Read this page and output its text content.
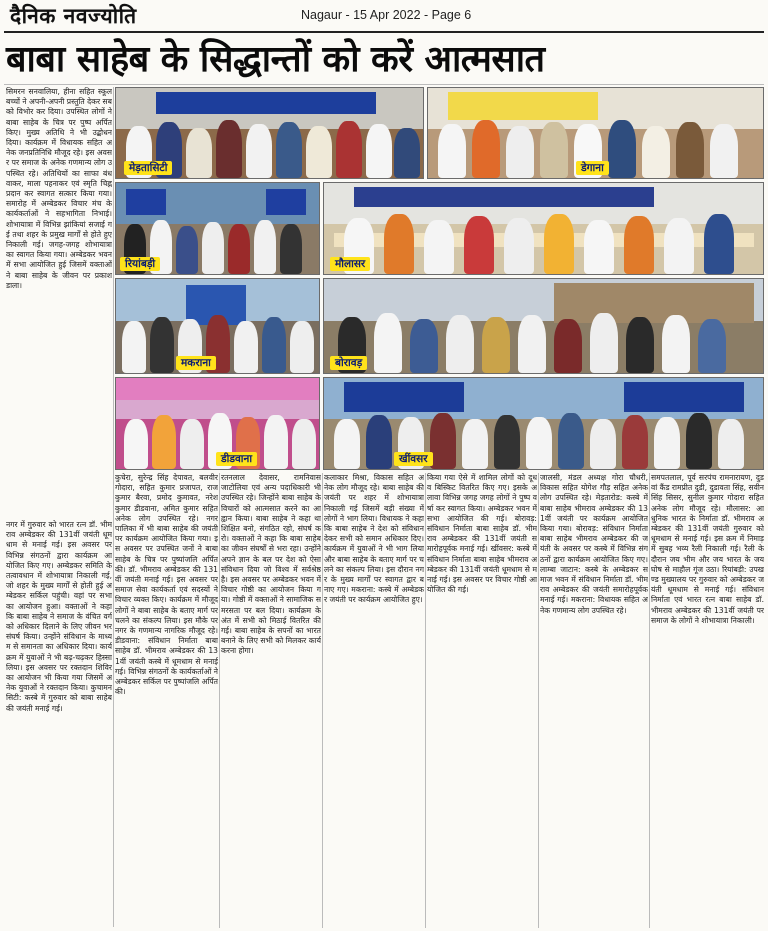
दैनिक नवज्योति	Nagaur - 15 Apr 2022 - Page 6
बाबा साहेब के सिद्धान्तों को करें आत्मसात
सिमरन सनवालिया, हीना सहित स्कूल बच्चों ने अपनी-अपनी प्रस्तुति देकर सब को विभोर कर दिया। उपस्थित लोगों ने बाबा साहेब के चित्र पर पुष्प अर्पित किए। मुख्य अतिथि ने भी उद्बोधन दिया। कार्यक्रम में विधायक सहित अनेक जनप्रतिनिधि मौजूद रहे। इस अवसर पर समाज के अनेक गणमान्य लोग उपस्थित रहे। अतिथियों का साफा बंधवाकर, माला पहनाकर एवं स्मृति चिह्न प्रदान कर स्वागत सत्कार किया गया। समारोह में अम्बेडकर विचार मंच के कार्यकर्ताओं ने सहभागिता निभाई। शोभायात्रा में विभिन्न झांकियां सजाई गई तथा शहर के प्रमुख मार्गों से होते हुए निकाली गई। जगह-जगह शोभायात्रा का स्वागत किया गया। अम्बेडकर भवन में सभा आयोजित हुई जिसमें वक्ताओं ने बाबा साहेब के जीवन पर प्रकाश डाला।
नगर में गुरुवार को भारत रत्न डॉ. भीमराव अम्बेडकर की 131वीं जयंती धूमधाम से मनाई गई। इस अवसर पर विभिन्न संगठनों द्वारा कार्यक्रम आयोजित किए गए। अम्बेडकर समिति के तत्वावधान में शोभायात्रा निकाली गई, जो शहर के मुख्य मार्गों से होती हुई अम्बेडकर सर्किल पहुंची। वहां पर सभा का आयोजन हुआ। वक्ताओं ने कहा कि बाबा साहेब ने समाज के वंचित वर्ग को अधिकार दिलाने के लिए जीवन भर संघर्ष किया। उन्होंने संविधान के माध्यम से समानता का अधिकार दिया। कार्यक्रम में युवाओं ने भी बढ़-चढ़कर हिस्सा लिया। इस अवसर पर रक्तदान शिविर का आयोजन भी किया गया जिसमें अनेक युवाओं ने रक्तदान किया। कुचामनसिटी: कस्बे में गुरुवार को बाबा साहेब की जयंती मनाई गई।
मेड़तासिटी	डेगाना
रियांबड़ी	मौलासर
मकराना	बोरावड़
डीडवाना	खींवसर
कुचेरा, सुरेन्द्र सिंह देपावत, बलवीर गोदारा, सहित कुमार प्रजापत, राजकुमार बैरवा, प्रमोद कुमावत, नरेश कुमार डीडवाना, अमित कुमार सहित अनेक लोग उपस्थित रहे। नगर पालिका में भी बाबा साहेब की जयंती पर कार्यक्रम आयोजित किया गया। इस अवसर पर उपस्थित जनों ने बाबा साहेब के चित्र पर पुष्पांजलि अर्पित की। डॉ. भीमराव अम्बेडकर की 131वीं जयंती मनाई गई। इस अवसर पर समाज सेवा कार्यकर्ता एवं सदस्यों ने विचार व्यक्त किए। कार्यक्रम में मौजूद लोगों ने बाबा साहेब के बताए मार्ग पर चलने का संकल्प लिया। इस मौके पर नगर के गणमान्य नागरिक मौजूद रहे। डीडवाना: संविधान निर्माता बाबा साहेब डॉ. भीमराव अम्बेडकर की 131वीं जयंती कस्बे में धूमधाम से मनाई गई। विभिन्न संगठनों के कार्यकर्ताओं ने अम्बेडकर सर्किल पर पुष्पांजलि अर्पित की।
रतनलाल देवासर, रामनिवास जाटोलिया एवं अन्य पदाधिकारी भी उपस्थित रहे। जिन्होंने बाबा साहेब के विचारों को आत्मसात करने का आह्वान किया। बाबा साहेब ने कहा था शिक्षित बनो, संगठित रहो, संघर्ष करो। वक्ताओं ने कहा कि बाबा साहेब का जीवन संघर्षों से भरा रहा। उन्होंने अपने ज्ञान के बल पर देश को ऐसा संविधान दिया जो विश्व में सर्वश्रेष्ठ है। इस अवसर पर अम्बेडकर भवन में विचार गोष्ठी का आयोजन किया गया। गोष्ठी में वक्ताओं ने सामाजिक समरसता पर बल दिया। कार्यक्रम के अंत में सभी को मिठाई वितरित की गई। बाबा साहेब के सपनों का भारत बनाने के लिए सभी को मिलकर कार्य करना होगा।
कलाकार मिश्रा, विकास सहित अनेक लोग मौजूद रहे। बाबा साहेब की जयंती पर शहर में शोभायात्रा निकाली गई जिसमें बड़ी संख्या में लोगों ने भाग लिया। विधायक ने कहा कि बाबा साहेब ने देश को संविधान देकर सभी को समान अधिकार दिए। कार्यक्रम में युवाओं ने भी भाग लिया और बाबा साहेब के बताए मार्ग पर चलने का संकल्प लिया। इस दौरान नगर के मुख्य मार्गों पर स्वागत द्वार बनाए गए। मकराना: कस्बे में अम्बेडकर जयंती पर कार्यक्रम आयोजित हुए।
किया गया ऐसे में शामिल लोगों को दूध व बिस्किट वितरित किए गए। इसके अलावा विभिन्न जगह जगह लोगों ने पुष्प वर्षा कर स्वागत किया। अम्बेडकर भवन में सभा आयोजित की गई। बोरावड़: संविधान निर्माता बाबा साहेब डॉ. भीमराव अम्बेडकर की 131वीं जयंती समारोहपूर्वक मनाई गई। खींवसर: कस्बे में संविधान निर्माता बाबा साहेब भीमराव अम्बेडकर की 131वीं जयंती धूमधाम से मनाई गई। इस अवसर पर विचार गोष्ठी आयोजित की गई।
जालसी, मंडल अध्यक्ष गोरा चौधरी, विकास सहित योगेश गौड़ सहित अनेक लोग उपस्थित रहे। मेड़तारोड: कस्बे में बाबा साहेब भीमराव अम्बेडकर की 131वीं जयंती पर कार्यक्रम आयोजित किया गया। बोरावड़: संविधान निर्माता बाबा साहेब भीमराव अम्बेडकर की जयंती के अवसर पर कस्बे में विभिन्न संगठनों द्वारा कार्यक्रम आयोजित किए गए। लाम्बा जाटान: कस्बे के अम्बेडकर समाज भवन में संविधान निर्माता डॉ. भीमराव अम्बेडकर की जयंती समारोहपूर्वक मनाई गई। मकराना: विधायक सहित अनेक गणमान्य लोग उपस्थित रहे।
समपतलाल, पूर्व सरपंच रामनारायण, दुडवां कैंड रामप्रीत दुडी, दुडावता सिंह, सवीन सिंह सिसर, सुनील कुमार गोदारा सहित अनेक लोग मौजूद रहे। मौलासर: आधुनिक भारत के निर्माता डॉ. भीमराव अम्बेडकर की 131वीं जयंती गुरुवार को धूमधाम से मनाई गई। इस क्रम में निमाड़ में सुबह भव्य रैली निकाली गई। रैली के दौरान जय भीम और जय भारत के जयघोष से माहौल गूंज उठा। रियांबड़ी: उपखण्ड मुख्यालय पर गुरुवार को अम्बेडकर जयंती धूमधाम से मनाई गई। संविधान निर्माता एवं भारत रत्न बाबा साहेब डॉ. भीमराव अम्बेडकर की 131वीं जयंती पर समाज के लोगों ने शोभायात्रा निकाली।
